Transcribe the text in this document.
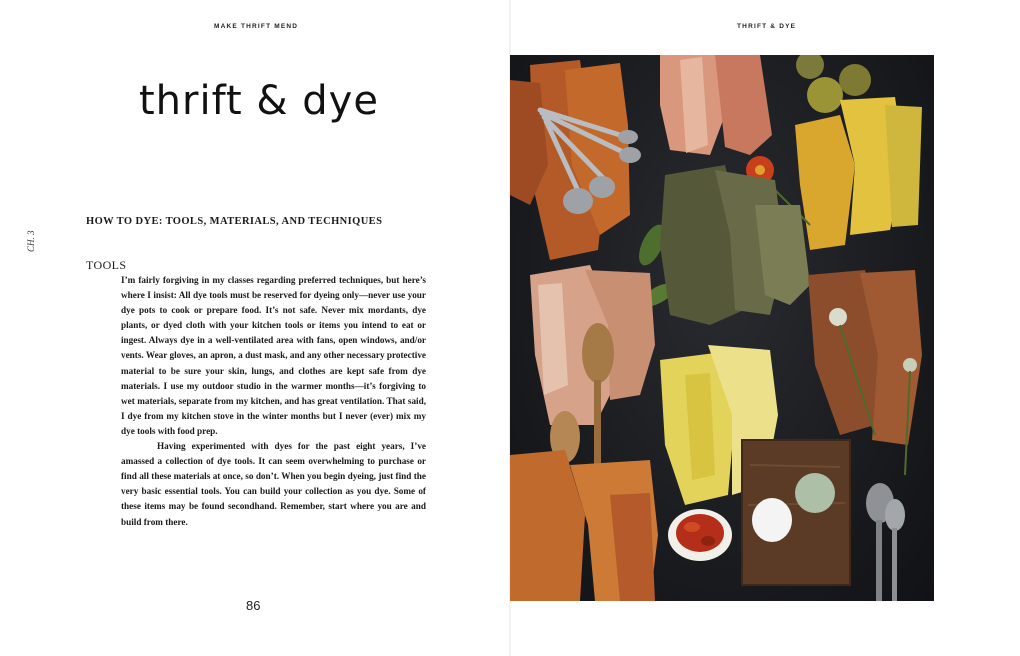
MAKE THRIFT MEND
thrift & dye
CH. 3
HOW TO DYE: TOOLS, MATERIALS, AND TECHNIQUES
TOOLS

I’m fairly forgiving in my classes regarding preferred techniques, but here’s where I insist: All dye tools must be reserved for dyeing only—never use your dye pots to cook or prepare food. It’s not safe. Never mix mordants, dye plants, or dyed cloth with your kitchen tools or items you intend to eat or ingest. Always dye in a well-ventilated area with fans, open windows, and/or vents. Wear gloves, an apron, a dust mask, and any other necessary protective material to be sure your skin, lungs, and clothes are kept safe from dye materials. I use my outdoor studio in the warmer months—it’s forgiving to wet materials, separate from my kitchen, and has great ventilation. That said, I dye from my kitchen stove in the winter months but I never (ever) mix my dye tools with food prep.

Having experimented with dyes for the past eight years, I’ve amassed a collection of dye tools. It can seem overwhelming to purchase or find all these materials at once, so don’t. When you begin dyeing, just find the very basic essential tools. You can build your collection as you dye. Some of these items may be found secondhand. Remember, start where you are and build from there.

86
THRIFT & DYE
